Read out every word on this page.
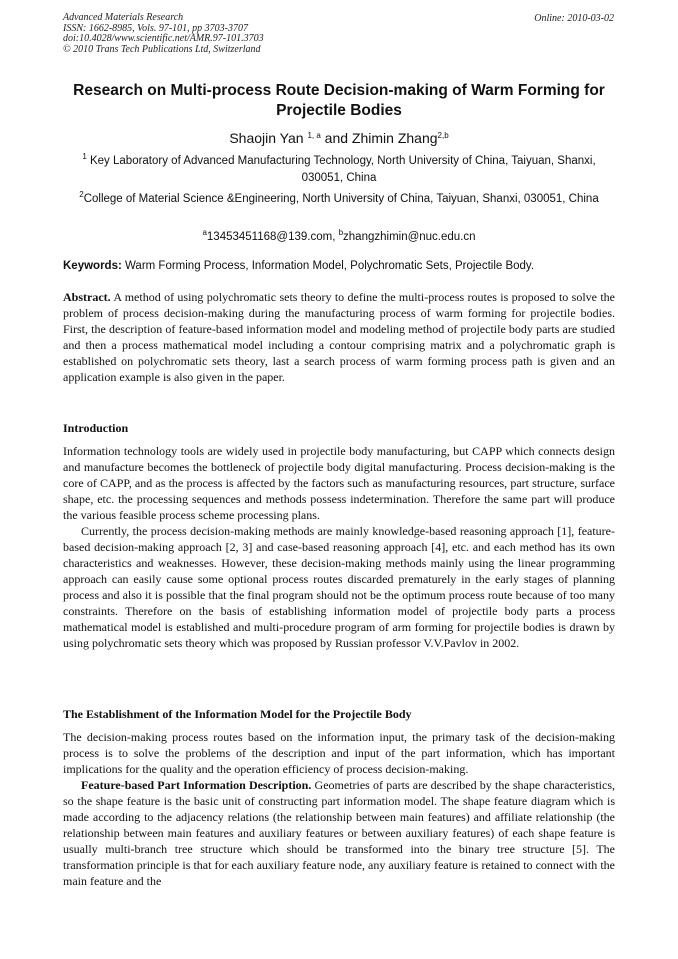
Advanced Materials Research
ISSN: 1662-8985, Vols. 97-101, pp 3703-3707
doi:10.4028/www.scientific.net/AMR.97-101.3703
© 2010 Trans Tech Publications Ltd, Switzerland
Online: 2010-03-02
Research on Multi-process Route Decision-making of Warm Forming for Projectile Bodies
Shaojin Yan $^{1, a}$ and Zhimin Zhang$^{2,b}$
$^1$ Key Laboratory of Advanced Manufacturing Technology, North University of China, Taiyuan, Shanxi, 030051, China
$^2$College of Material Science &Engineering, North University of China, Taiyuan, Shanxi, 030051, China
$^a$13453451168@139.com, $^b$zhangzhimin@nuc.edu.cn
Keywords: Warm Forming Process, Information Model, Polychromatic Sets, Projectile Body.

Abstract. A method of using polychromatic sets theory to define the multi-process routes is proposed to solve the problem of process decision-making during the manufacturing process of warm forming for projectile bodies. First, the description of feature-based information model and modeling method of projectile body parts are studied and then a process mathematical model including a contour comprising matrix and a polychromatic graph is established on polychromatic sets theory, last a search process of warm forming process path is given and an application example is also given in the paper.

Introduction

Information technology tools are widely used in projectile body manufacturing, but CAPP which connects design and manufacture becomes the bottleneck of projectile body digital manufacturing. Process decision-making is the core of CAPP, and as the process is affected by the factors such as manufacturing resources, part structure, surface shape, etc. the processing sequences and methods possess indetermination. Therefore the same part will produce the various feasible process scheme processing plans.

Currently, the process decision-making methods are mainly knowledge-based reasoning approach [1], feature-based decision-making approach [2, 3] and case-based reasoning approach [4], etc. and each method has its own characteristics and weaknesses. However, these decision-making methods mainly using the linear programming approach can easily cause some optional process routes discarded prematurely in the early stages of planning process and also it is possible that the final program should not be the optimum process route because of too many constraints. Therefore on the basis of establishing information model of projectile body parts a process mathematical model is established and multi-procedure program of arm forming for projectile bodies is drawn by using polychromatic sets theory which was proposed by Russian professor V.V.Pavlov in 2002.

The Establishment of the Information Model for the Projectile Body

The decision-making process routes based on the information input, the primary task of the decision-making process is to solve the problems of the description and input of the part information, which has important implications for the quality and the operation efficiency of process decision-making.

Feature-based Part Information Description. Geometries of parts are described by the shape characteristics, so the shape feature is the basic unit of constructing part information model. The shape feature diagram which is made according to the adjacency relations (the relationship between main features) and affiliate relationship (the relationship between main features and auxiliary features or between auxiliary features) of each shape feature is usually multi-branch tree structure which should be transformed into the binary tree structure [5]. The transformation principle is that for each auxiliary feature node, any auxiliary feature is retained to connect with the main feature and the
